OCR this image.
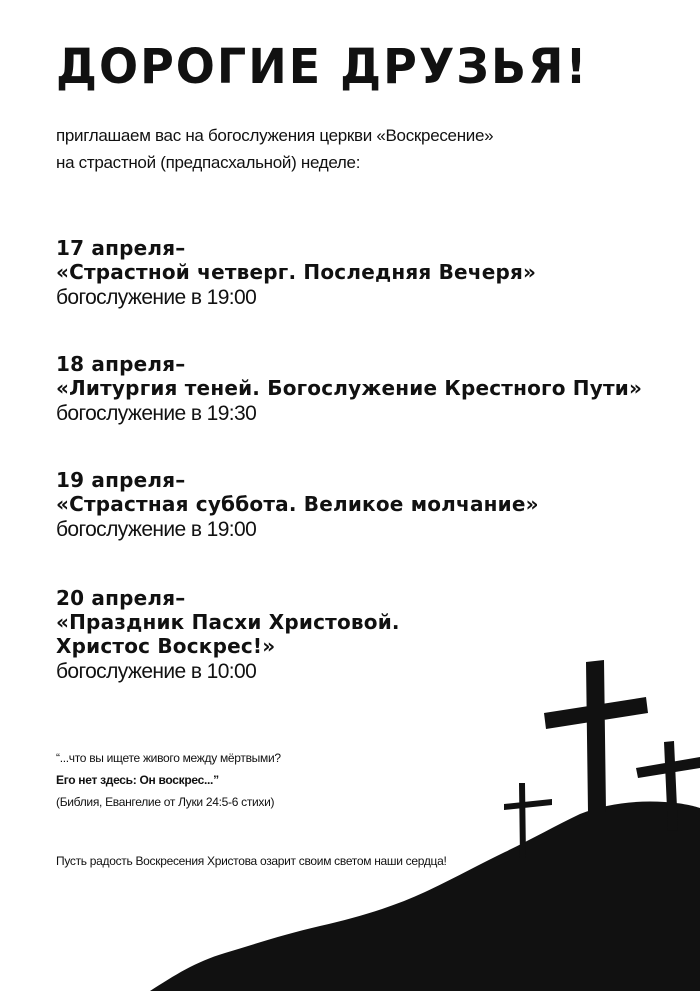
ДОРОГИЕ ДРУЗЬЯ!
приглашаем вас на богослужения церкви «Воскресение»
на страстной (предпасхальной) неделе:
17 апреля–
«Страстной четверг. Последняя Вечеря»
богослужение в 19:00
18 апреля–
«Литургия теней. Богослужение Крестного Пути»
богослужение в 19:30
19 апреля–
«Страстная суббота. Великое молчание»
богослужение в 19:00
20 апреля–
«Праздник Пасхи Христовой.
Христос Воскрес!»
богослужение в 10:00
“...что вы ищете живого между мёртвыми?
Его нет здесь: Он воскрес...”
(Библия, Евангелие от Луки 24:5-6 стихи)
Пусть радость Воскресения Христова озарит своим светом наши сердца!
